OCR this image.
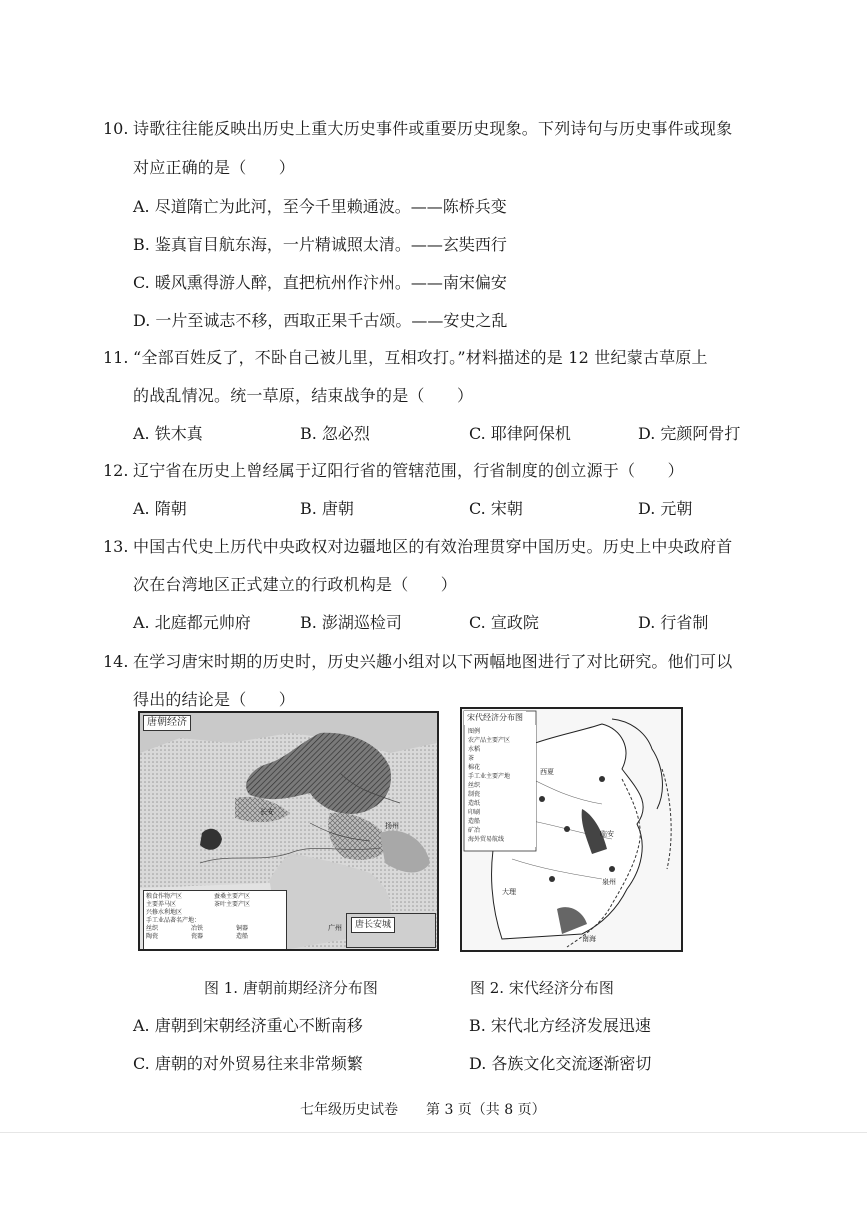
10. 诗歌往往能反映出历史上重大历史事件或重要历史现象。下列诗句与历史事件或现象
对应正确的是（　　）
A. 尽道隋亡为此河，至今千里赖通波。——陈桥兵变
B. 鉴真盲目航东海，一片精诚照太清。——玄奘西行
C. 暖风熏得游人醉，直把杭州作汴州。——南宋偏安
D. 一片至诚志不移，西取正果千古颂。——安史之乱
11. “全部百姓反了，不卧自己被儿里，互相攻打。”材料描述的是 12 世纪蒙古草原上
的战乱情况。统一草原，结束战争的是（　　）
A. 铁木真	B. 忽必烈	C. 耶律阿保机	D. 完颜阿骨打
12. 辽宁省在历史上曾经属于辽阳行省的管辖范围，行省制度的创立源于（　　）
A. 隋朝	B. 唐朝	C. 宋朝	D. 元朝
13. 中国古代史上历代中央政权对边疆地区的有效治理贯穿中国历史。历史上中央政府首
次在台湾地区正式建立的行政机构是（　　）
A. 北庭都元帅府	B. 澎湖巡检司	C. 宣政院	D. 行省制
14. 在学习唐宋时期的历史时，历史兴趣小组对以下两幅地图进行了对比研究。他们可以
得出的结论是（　　）
唐朝经济
长安
扬州
广州
粮食作物产区	蚕桑主要产区
主要养马区	茶叶主要产区
兴修水利地区
手工业品著名产地：
丝织	冶铁	铜器
陶瓷	瓷器	造船
唐长安城
宋代经济分布图
图例
农产品主要产区
水稻
茶
棉花
手工业主要产地
丝织
制瓷
造纸
印刷
造船
矿冶
海外贸易航线
西夏
大理
临安
泉州
南海
图 1. 唐朝前期经济分布图	图 2. 宋代经济分布图
A. 唐朝到宋朝经济重心不断南移	B. 宋代北方经济发展迅速
C. 唐朝的对外贸易往来非常频繁	D. 各族文化交流逐渐密切
七年级历史试卷　　第 3 页（共 8 页）
